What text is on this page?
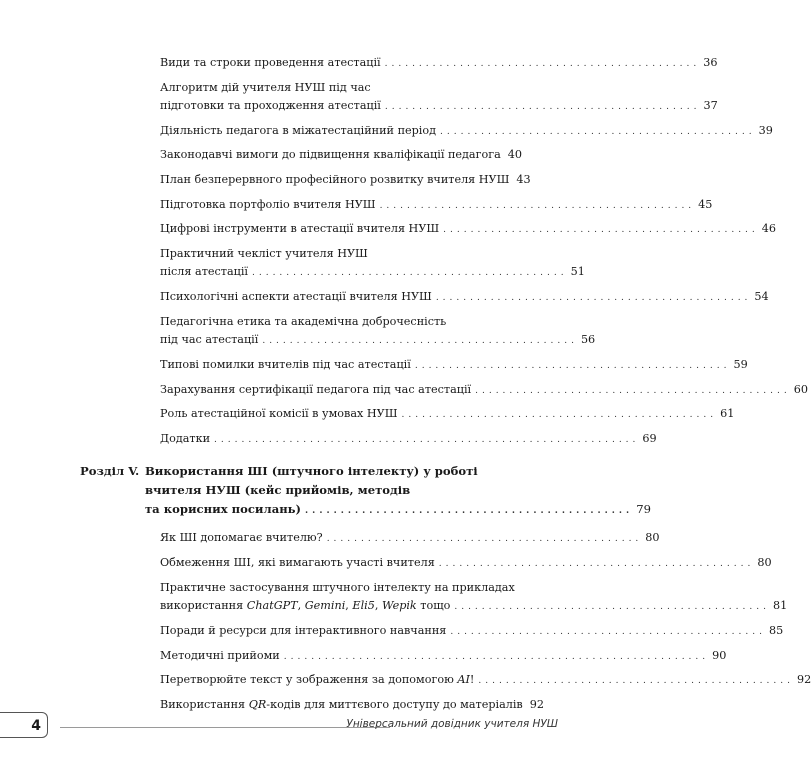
Види та строки проведення атестації .............................................. 36
Алгоритм дій учителя НУШ під час
підготовки та проходження атестації .............................................. 37
Діяльність педагога в міжатестаційний період .............................................. 39
Законодавчі вимоги до підвищення кваліфікації педагога 40
План безперервного професійного розвитку вчителя НУШ 43
Підготовка портфоліо вчителя НУШ .............................................. 45
Цифрові інструменти в атестації вчителя НУШ .............................................. 46
Практичний чекліст учителя НУШ
після атестації .............................................. 51
Психологічні аспекти атестації вчителя НУШ .............................................. 54
Педагогічна етика та академічна доброчесність
під час атестації .............................................. 56
Типові помилки вчителів під час атестації .............................................. 59
Зарахування сертифікації педагога під час атестації .............................................. 60
Роль атестаційної комісії в умовах НУШ .............................................. 61
Додатки .............................................................. 69
Розділ V. Використання ШІ (штучного інтелекту) у роботі
вчителя НУШ (кейс прийомів, методів
та корисних посилань) .............................................. 79
Як ШІ допомагає вчителю? .............................................. 80
Обмеження ШІ, які вимагають участі вчителя .............................................. 80
Практичне застосування штучного інтелекту на прикладах
використання ChatGPT, Gemini, Eli5, Wepik тощо .............................................. 81
Поради й ресурси для інтерактивного навчання .............................................. 85
Методичні прийоми .............................................................. 90
Перетворюйте текст у зображення за допомогою AI! .............................................. 92
Використання QR-кодів для миттєвого доступу до матеріалів 92
4	Універсальний довідник учителя НУШ
